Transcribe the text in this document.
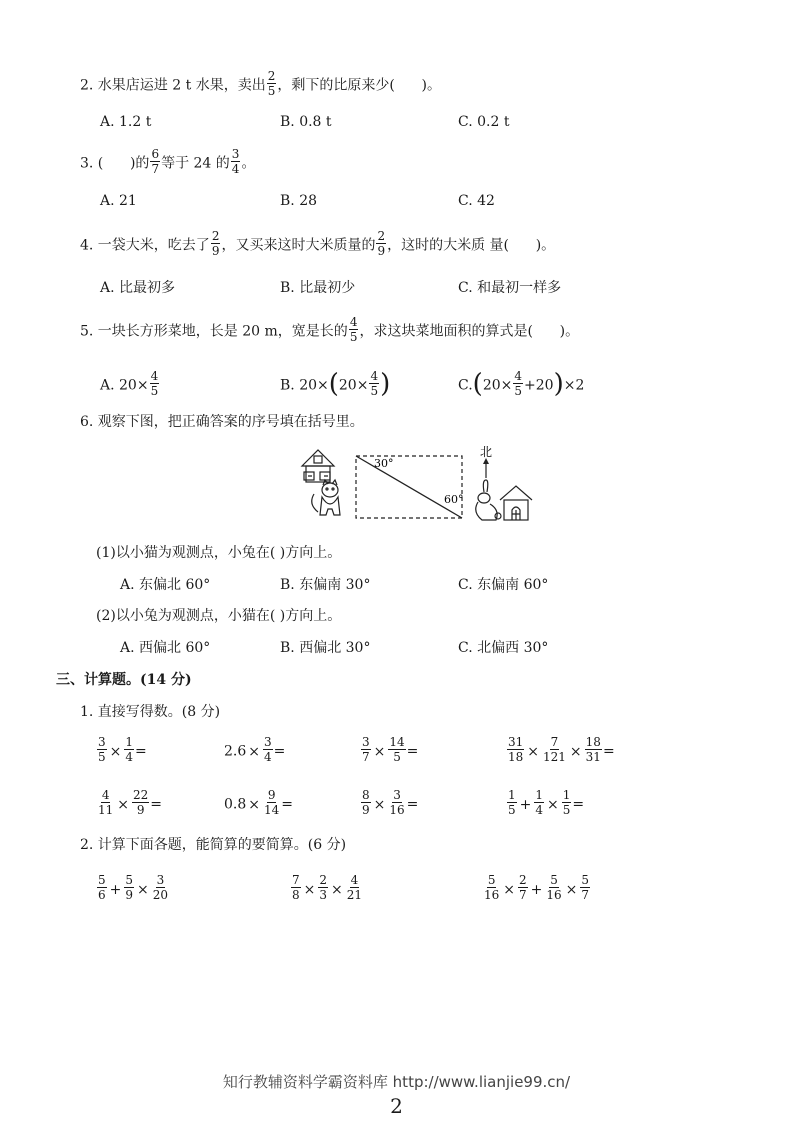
2. 水果店运进 2 t 水果，卖出 $\frac{2}{5}$ ，剩下的比原来少(      )。
A. 1.2 t	B. 0.8 t	C. 0.2 t
3. (      )的 $\frac{6}{7}$ 等于 24 的 $\frac{3}{4}$ 。
A. 21	B. 28	C. 42
4. 一袋大米，吃去了 $\frac{2}{9}$ ，又买来这时大米质量的 $\frac{2}{9}$ ，这时的大米质 量(      )。
A. 比最初多	B. 比最初少	C. 和最初一样多
5. 一块长方形菜地，长是 20 m，宽是长的 $\frac{4}{5}$ ，求这块菜地面积的算式是(      )。
A. $20\times \frac{4}{5}$	B. $20\times(20\times \frac{4}{5}$ )	$C.(20\times \frac{4}{5} +20)\times 2$
6. 观察下图，把正确答案的序号填在括号里。
30°
60°
北
(1)以小猫为观测点，小兔在( )方向上。
A. 东偏北 60°	B. 东偏南 30°	C. 东偏南 60°
(2)以小兔为观测点，小猫在( )方向上。
A. 西偏北 60°	B. 西偏北 30°	C. 北偏西 30°
三、计算题。(14 分)
1. 直接写得数。(8 分)
$\frac{3}{5} \times \frac{1}{4}$ =	$2.6 \times \frac{3}{4}$ =	$\frac{3}{7} \times \frac{14}{5}$ =	$\frac{31}{18} \times \frac{7}{121} \times \frac{18}{31}$ =
$\frac{4}{11} \times \frac{22}{9}$ =	$0.8 \times \frac{9}{14}$ =	$\frac{8}{9} \times \frac{3}{16}$ =	$\frac{1}{5} + \frac{1}{4} \times \frac{1}{5}$ =
2. 计算下面各题，能简算的要简算。(6 分)
$\frac{5}{6} + \frac{5}{9} \times \frac{3}{20}$	$\frac{7}{8} \times \frac{2}{3} \times \frac{4}{21}$	$\frac{5}{16} \times \frac{2}{7} + \frac{5}{16} \times \frac{5}{7}$
知行教辅资料学霸资料库 http://www.lianjie99.cn/
2
